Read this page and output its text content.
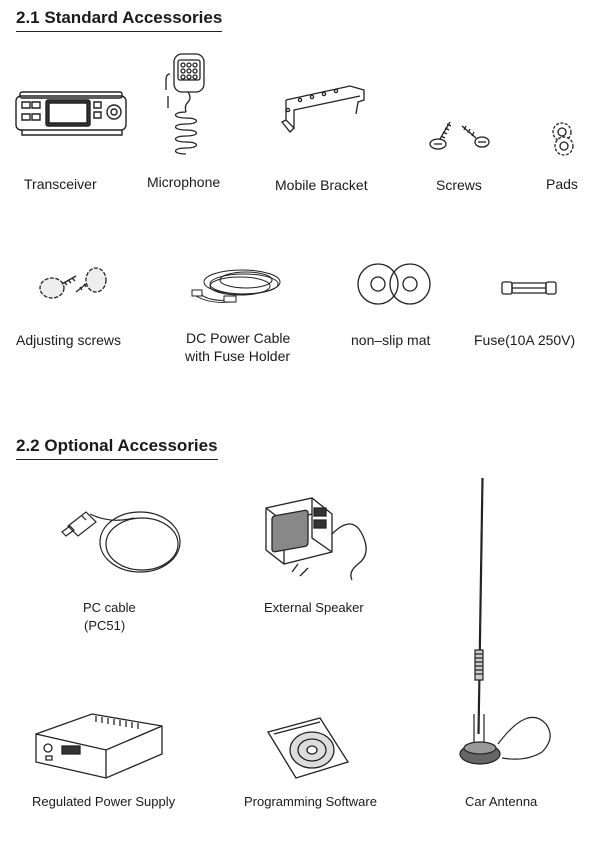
2.1 Standard Accessories
2.2 Optional Accessories
Transceiver	Microphone	Mobile Bracket	Screws	Pads
Adjusting screws	DC Power Cable
with Fuse Holder
non–slip mat	Fuse(10A 250V)
PC cable
(PC51)
External Speaker
Regulated Power Supply	Programming Software	Car Antenna
